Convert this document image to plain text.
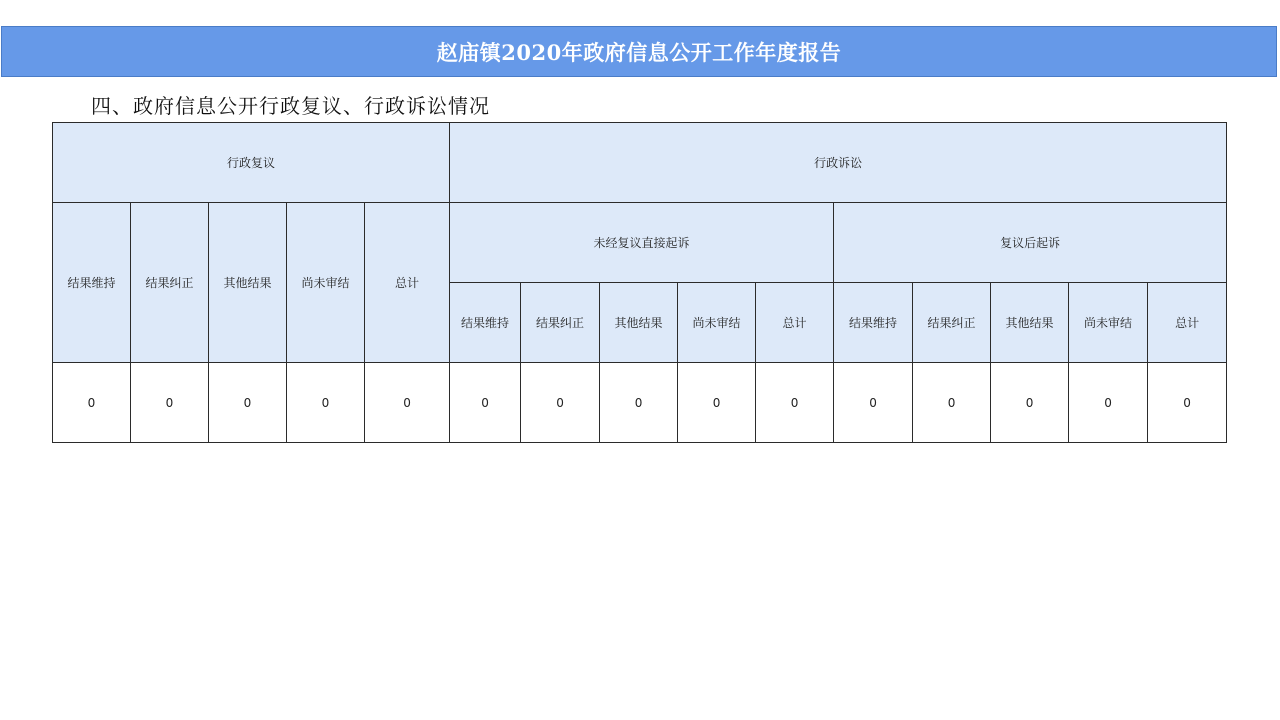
赵庙镇2020年政府信息公开工作年度报告
四、政府信息公开行政复议、行政诉讼情况
行政复议					行政诉讼									
结果维持	结果纠正	其他结果	尚未审结	总计	未经复议直接起诉					复议后起诉				
					结果维持	结果纠正	其他结果	尚未审结	总计	结果维持	结果纠正	其他结果	尚未审结	总计
0	0	0	0	0	0	0	0	0	0	0	0	0	0	0
